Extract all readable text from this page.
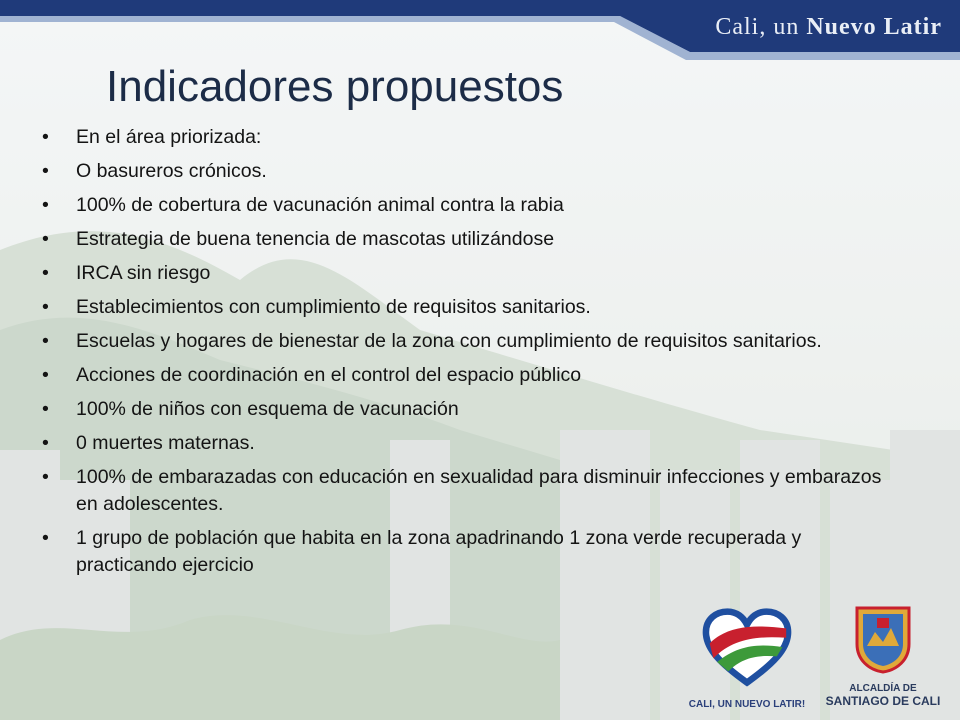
Cali, un Nuevo Latir
Indicadores propuestos
• En el área priorizada:
• O basureros crónicos.
• 100% de cobertura de vacunación animal contra la rabia
• Estrategia de buena tenencia de mascotas utilizándose
• IRCA sin riesgo
• Establecimientos con cumplimiento de requisitos sanitarios.
• Escuelas y hogares de bienestar de la zona con cumplimiento de requisitos sanitarios.
• Acciones de coordinación en el control del espacio público
• 100% de niños con esquema de vacunación
• 0 muertes maternas.
• 100% de embarazadas con educación en sexualidad para disminuir infecciones y embarazos en adolescentes.
• 1 grupo de población que habita en la zona apadrinando 1 zona verde recuperada y practicando ejercicio
CALI, UN NUEVO LATIR!
ALCALDÍA DE
SANTIAGO DE CALI
